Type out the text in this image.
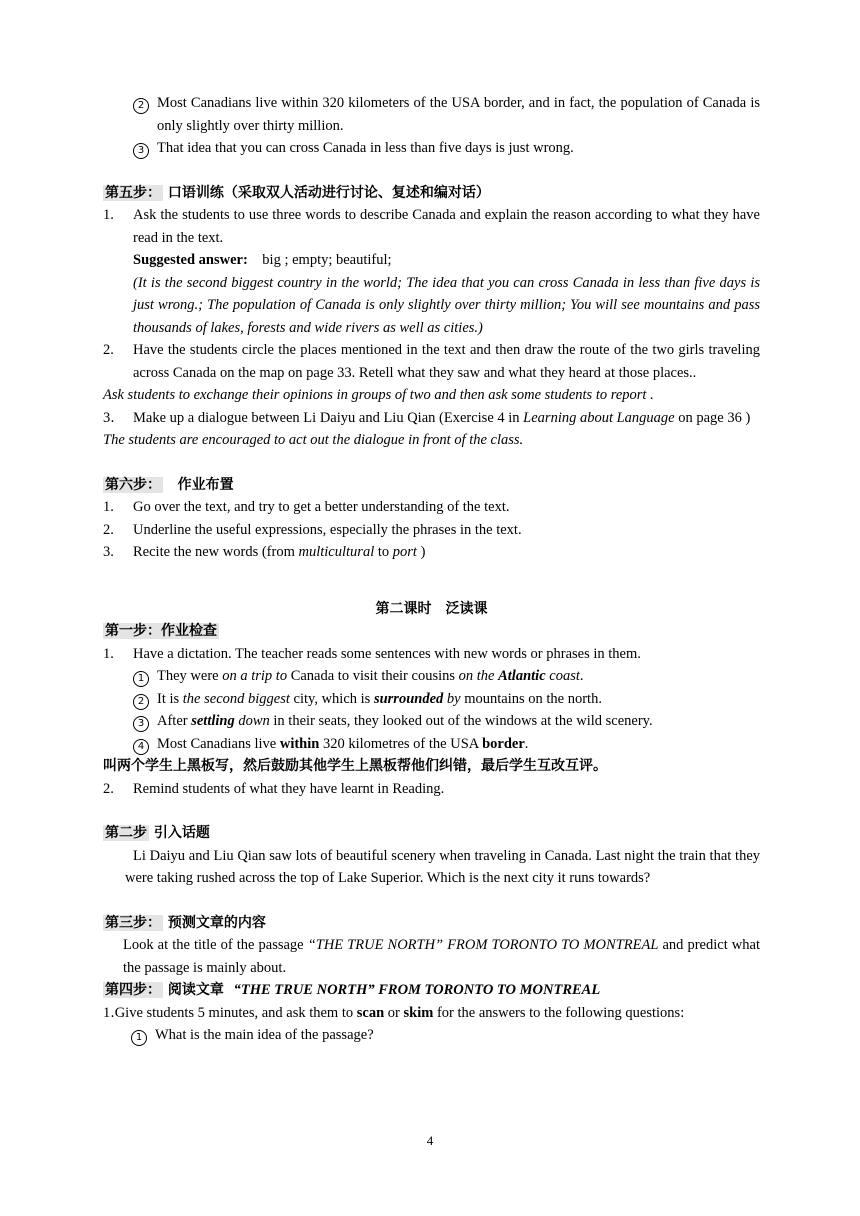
2 Most Canadians live within 320 kilometers of the USA border, and in fact, the population of Canada is only slightly over thirty million.
3 That idea that you can cross Canada in less than five days is just wrong.

第五步： 口语训练（采取双人活动进行讨论、复述和编对话）

1.	Ask the students to use three words to describe Canada and explain the reason according to what they have read in the text.
Suggested answer: big ; empty; beautiful;
(It is the second biggest country in the world; The idea that you can cross Canada in less than five days is just wrong.; The population of Canada is only slightly over thirty million; You will see mountains and pass thousands of lakes, forests and wide rivers as well as cities.)
2.	Have the students circle the places mentioned in the text and then draw the route of the two girls traveling across Canada on the map on page 33. Retell what they saw and what they heard at those places..

Ask students to exchange their opinions in groups of two and then ask some students to report .

3.	Make up a dialogue between Li Daiyu and Liu Qian (Exercise 4 in Learning about Language on page 36 )

The students are encouraged to act out the dialogue in front of the class.

第六步： 作业布置

1.	Go over the text, and try to get a better understanding of the text.
2.	Underline the useful expressions, especially the phrases in the text.
3.	Recite the new words (from multicultural to port )

第二课时　泛读课

第一步：作业检查

1.	Have a dictation. The teacher reads some sentences with new words or phrases in them.
1 They were on a trip to Canada to visit their cousins on the Atlantic coast.
2 It is the second biggest city, which is surrounded by mountains on the north.
3 After settling down in their seats, they looked out of the windows at the wild scenery.
4 Most Canadians live within 320 kilometres of the USA border.

叫两个学生上黑板写，然后鼓励其他学生上黑板帮他们纠错，最后学生互改互评。

2.	Remind students of what they have learnt in Reading.

第二步 引入话题

Li Daiyu and Liu Qian saw lots of beautiful scenery when traveling in Canada. Last night the train that they were taking rushed across the top of Lake Superior. Which is the next city it runs towards?

第三步： 预测文章的内容

Look at the title of the passage “THE TRUE NORTH” FROM TORONTO TO MONTREAL and predict what the passage is mainly about.

第四步： 阅读文章 “THE TRUE NORTH” FROM TORONTO TO MONTREAL

1.Give students 5 minutes, and ask them to scan or skim for the answers to the following questions:

1 What is the main idea of the passage?
4
